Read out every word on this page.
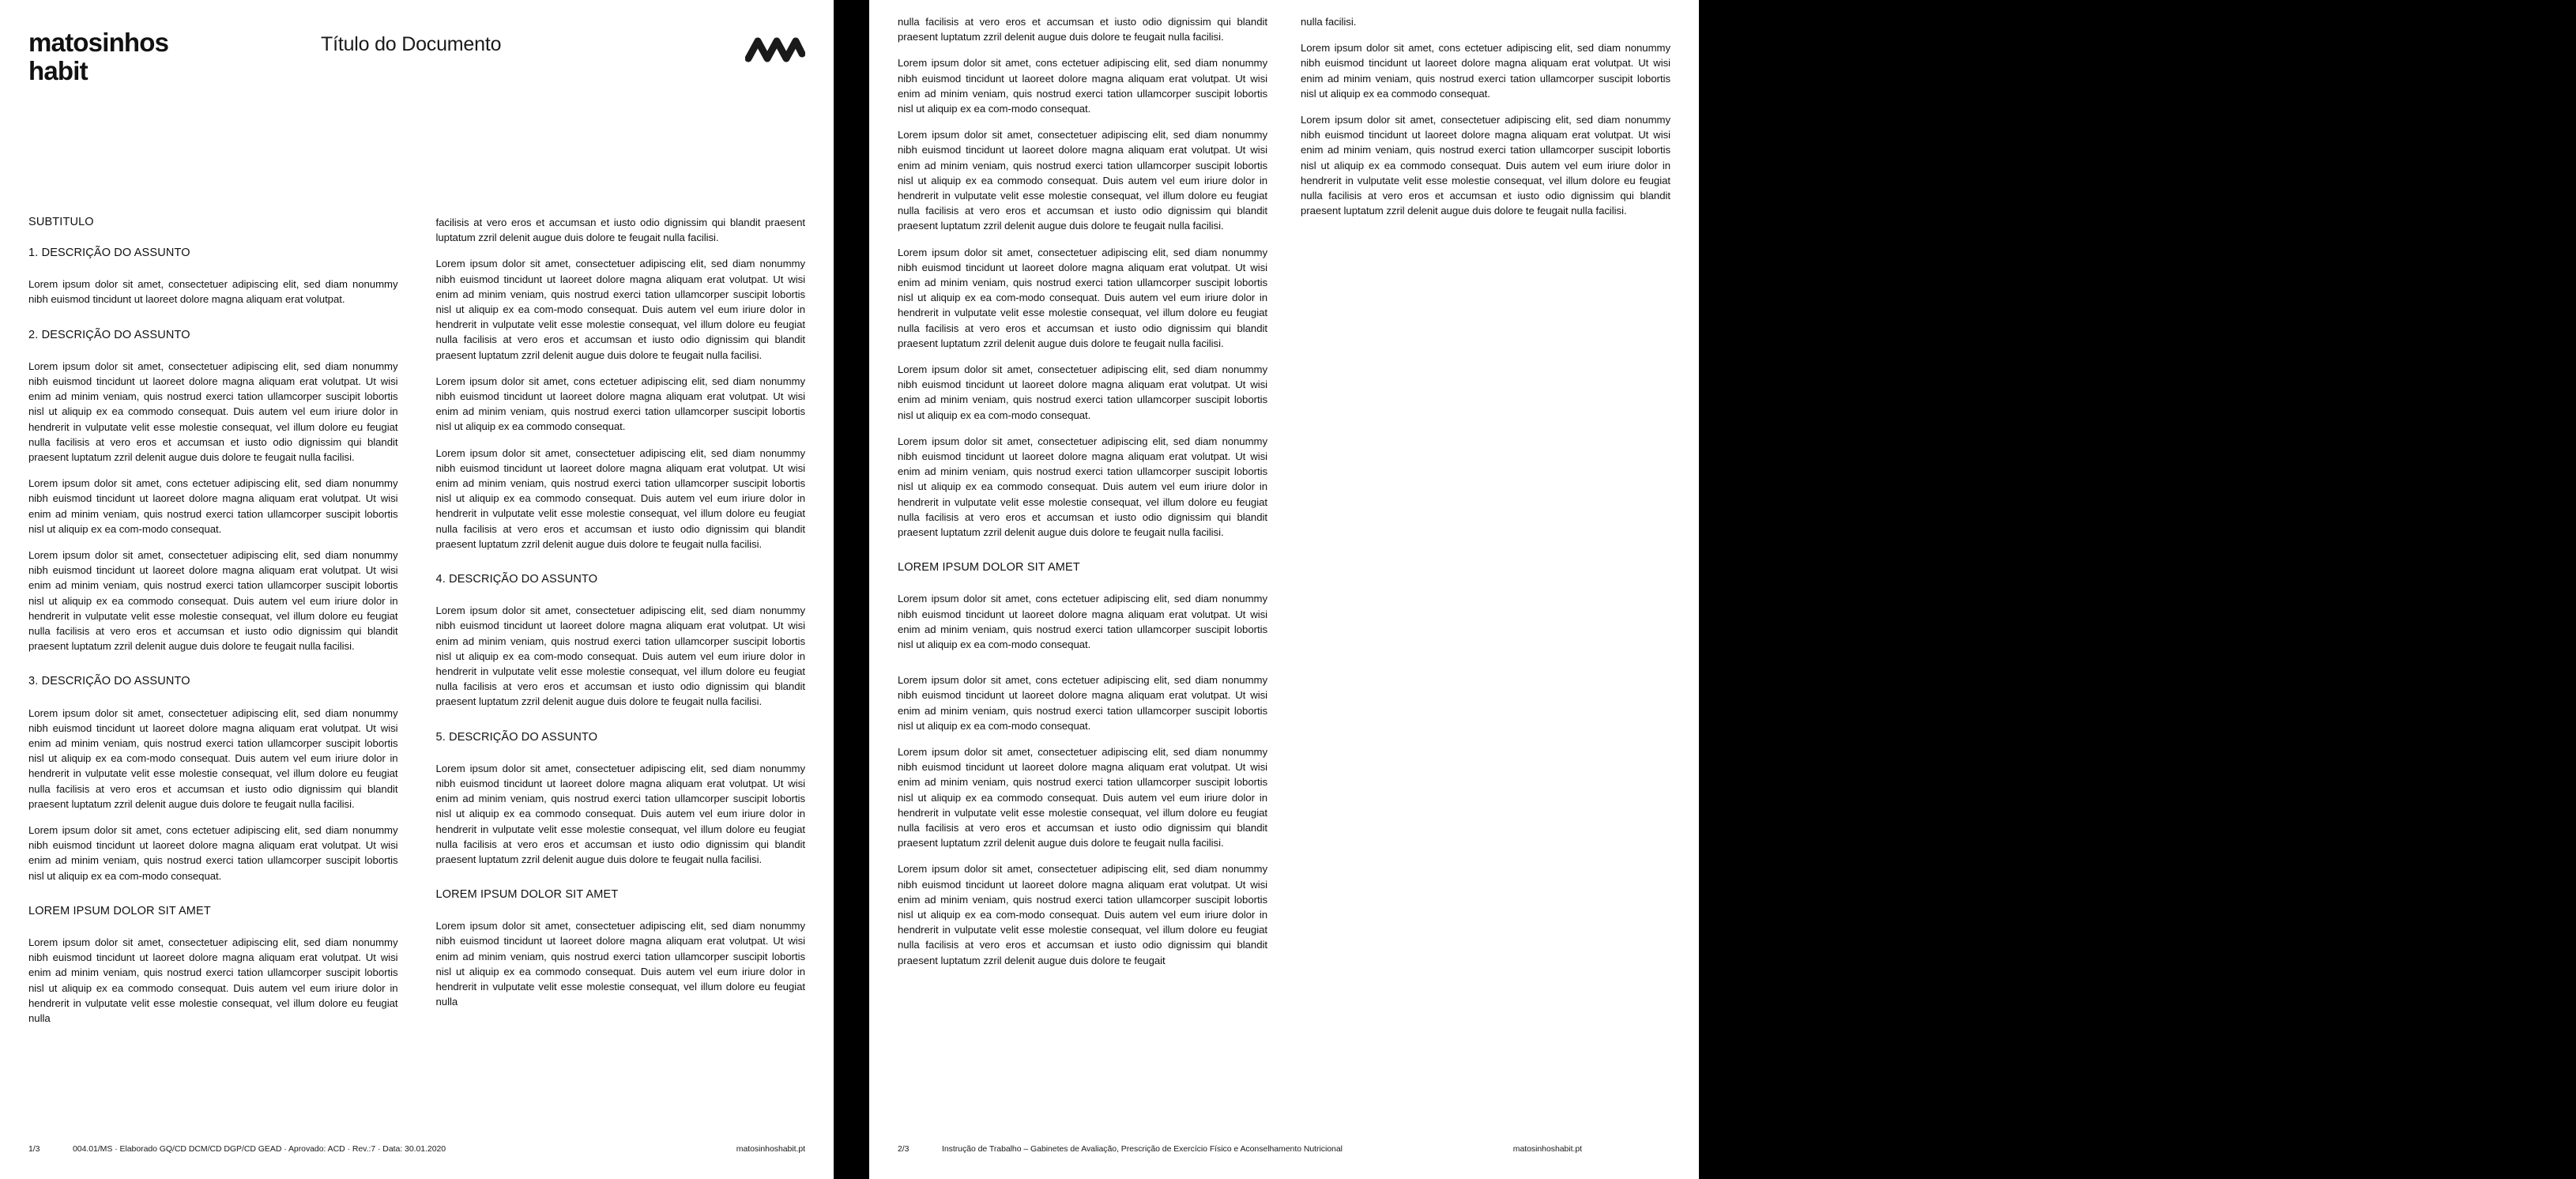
matosinhos
habit
Título do Documento
SUBTITULO
1. DESCRIÇÃO DO ASSUNTO

Lorem ipsum dolor sit amet, consectetuer adipiscing elit, sed diam nonummy nibh euismod tincidunt ut laoreet dolore magna aliquam erat volutpat.

2. DESCRIÇÃO DO ASSUNTO

Lorem ipsum dolor sit amet, consectetuer adipiscing elit, sed diam nonummy nibh euismod tincidunt ut laoreet dolore magna aliquam erat volutpat. Ut wisi enim ad minim veniam, quis nostrud exerci tation ullamcorper suscipit lobortis nisl ut aliquip ex ea commodo consequat. Duis autem vel eum iriure dolor in hendrerit in vulputate velit esse molestie consequat, vel illum dolore eu feugiat nulla facilisis at vero eros et accumsan et iusto odio dignissim qui blandit praesent luptatum zzril delenit augue duis dolore te feugait nulla facilisi.

Lorem ipsum dolor sit amet, cons ectetuer adipiscing elit, sed diam nonummy nibh euismod tincidunt ut laoreet dolore magna aliquam erat volutpat. Ut wisi enim ad minim veniam, quis nostrud exerci tation ullamcorper suscipit lobortis nisl ut aliquip ex ea com-modo consequat.

Lorem ipsum dolor sit amet, consectetuer adipiscing elit, sed diam nonummy nibh euismod tincidunt ut laoreet dolore magna aliquam erat volutpat. Ut wisi enim ad minim veniam, quis nostrud exerci tation ullamcorper suscipit lobortis nisl ut aliquip ex ea commodo consequat. Duis autem vel eum iriure dolor in hendrerit in vulputate velit esse molestie consequat, vel illum dolore eu feugiat nulla facilisis at vero eros et accumsan et iusto odio dignissim qui blandit praesent luptatum zzril delenit augue duis dolore te feugait nulla facilisi.

3. DESCRIÇÃO DO ASSUNTO

Lorem ipsum dolor sit amet, consectetuer adipiscing elit, sed diam nonummy nibh euismod tincidunt ut laoreet dolore magna aliquam erat volutpat. Ut wisi enim ad minim veniam, quis nostrud exerci tation ullamcorper suscipit lobortis nisl ut aliquip ex ea com-modo consequat. Duis autem vel eum iriure dolor in hendrerit in vulputate velit esse molestie consequat, vel illum dolore eu feugiat nulla facilisis at vero eros et accumsan et iusto odio dignissim qui blandit praesent luptatum zzril delenit augue duis dolore te feugait nulla facilisi.

Lorem ipsum dolor sit amet, cons ectetuer adipiscing elit, sed diam nonummy nibh euismod tincidunt ut laoreet dolore magna aliquam erat volutpat. Ut wisi enim ad minim veniam, quis nostrud exerci tation ullamcorper suscipit lobortis nisl ut aliquip ex ea com-modo consequat.

LOREM IPSUM DOLOR SIT AMET

Lorem ipsum dolor sit amet, consectetuer adipiscing elit, sed diam nonummy nibh euismod tincidunt ut laoreet dolore magna aliquam erat volutpat. Ut wisi enim ad minim veniam, quis nostrud exerci tation ullamcorper suscipit lobortis nisl ut aliquip ex ea commodo consequat. Duis autem vel eum iriure dolor in hendrerit in vulputate velit esse molestie consequat, vel illum dolore eu feugiat nulla

facilisis at vero eros et accumsan et iusto odio dignissim qui blandit praesent luptatum zzril delenit augue duis dolore te feugait nulla facilisi.

Lorem ipsum dolor sit amet, consectetuer adipiscing elit, sed diam nonummy nibh euismod tincidunt ut laoreet dolore magna aliquam erat volutpat. Ut wisi enim ad minim veniam, quis nostrud exerci tation ullamcorper suscipit lobortis nisl ut aliquip ex ea com-modo consequat. Duis autem vel eum iriure dolor in hendrerit in vulputate velit esse molestie consequat, vel illum dolore eu feugiat nulla facilisis at vero eros et accumsan et iusto odio dignissim qui blandit praesent luptatum zzril delenit augue duis dolore te feugait nulla facilisi.

Lorem ipsum dolor sit amet, cons ectetuer adipiscing elit, sed diam nonummy nibh euismod tincidunt ut laoreet dolore magna aliquam erat volutpat. Ut wisi enim ad minim veniam, quis nostrud exerci tation ullamcorper suscipit lobortis nisl ut aliquip ex ea commodo consequat.

Lorem ipsum dolor sit amet, consectetuer adipiscing elit, sed diam nonummy nibh euismod tincidunt ut laoreet dolore magna aliquam erat volutpat. Ut wisi enim ad minim veniam, quis nostrud exerci tation ullamcorper suscipit lobortis nisl ut aliquip ex ea commodo consequat. Duis autem vel eum iriure dolor in hendrerit in vulputate velit esse molestie consequat, vel illum dolore eu feugiat nulla facilisis at vero eros et accumsan et iusto odio dignissim qui blandit praesent luptatum zzril delenit augue duis dolore te feugait nulla facilisi.

4. DESCRIÇÃO DO ASSUNTO

Lorem ipsum dolor sit amet, consectetuer adipiscing elit, sed diam nonummy nibh euismod tincidunt ut laoreet dolore magna aliquam erat volutpat. Ut wisi enim ad minim veniam, quis nostrud exerci tation ullamcorper suscipit lobortis nisl ut aliquip ex ea com-modo consequat. Duis autem vel eum iriure dolor in hendrerit in vulputate velit esse molestie consequat, vel illum dolore eu feugiat nulla facilisis at vero eros et accumsan et iusto odio dignissim qui blandit praesent luptatum zzril delenit augue duis dolore te feugait nulla facilisi.

5. DESCRIÇÃO DO ASSUNTO

Lorem ipsum dolor sit amet, consectetuer adipiscing elit, sed diam nonummy nibh euismod tincidunt ut laoreet dolore magna aliquam erat volutpat. Ut wisi enim ad minim veniam, quis nostrud exerci tation ullamcorper suscipit lobortis nisl ut aliquip ex ea commodo consequat. Duis autem vel eum iriure dolor in hendrerit in vulputate velit esse molestie consequat, vel illum dolore eu feugiat nulla facilisis at vero eros et accumsan et iusto odio dignissim qui blandit praesent luptatum zzril delenit augue duis dolore te feugait nulla facilisi.

LOREM IPSUM DOLOR SIT AMET

Lorem ipsum dolor sit amet, consectetuer adipiscing elit, sed diam nonummy nibh euismod tincidunt ut laoreet dolore magna aliquam erat volutpat. Ut wisi enim ad minim veniam, quis nostrud exerci tation ullamcorper suscipit lobortis nisl ut aliquip ex ea commodo consequat. Duis autem vel eum iriure dolor in hendrerit in vulputate velit esse molestie consequat, vel illum dolore eu feugiat nulla

1/3	004.01/MS · Elaborado GQ/CD DCM/CD DGP/CD GEAD · Aprovado: ACD · Rev.:7 · Data: 30.01.2020	matosinhoshabit.pt

nulla facilisis at vero eros et accumsan et iusto odio dignissim qui blandit praesent luptatum zzril delenit augue duis dolore te feugait nulla facilisi.

Lorem ipsum dolor sit amet, cons ectetuer adipiscing elit, sed diam nonummy nibh euismod tincidunt ut laoreet dolore magna aliquam erat volutpat. Ut wisi enim ad minim veniam, quis nostrud exerci tation ullamcorper suscipit lobortis nisl ut aliquip ex ea com-modo consequat.

Lorem ipsum dolor sit amet, consectetuer adipiscing elit, sed diam nonummy nibh euismod tincidunt ut laoreet dolore magna aliquam erat volutpat. Ut wisi enim ad minim veniam, quis nostrud exerci tation ullamcorper suscipit lobortis nisl ut aliquip ex ea commodo consequat. Duis autem vel eum iriure dolor in hendrerit in vulputate velit esse molestie consequat, vel illum dolore eu feugiat nulla facilisis at vero eros et accumsan et iusto odio dignissim qui blandit praesent luptatum zzril delenit augue duis dolore te feugait nulla facilisi.

Lorem ipsum dolor sit amet, consectetuer adipiscing elit, sed diam nonummy nibh euismod tincidunt ut laoreet dolore magna aliquam erat volutpat. Ut wisi enim ad minim veniam, quis nostrud exerci tation ullamcorper suscipit lobortis nisl ut aliquip ex ea com-modo consequat. Duis autem vel eum iriure dolor in hendrerit in vulputate velit esse molestie consequat, vel illum dolore eu feugiat nulla facilisis at vero eros et accumsan et iusto odio dignissim qui blandit praesent luptatum zzril delenit augue duis dolore te feugait nulla facilisi.

Lorem ipsum dolor sit amet, consectetuer adipiscing elit, sed diam nonummy nibh euismod tincidunt ut laoreet dolore magna aliquam erat volutpat. Ut wisi enim ad minim veniam, quis nostrud exerci tation ullamcorper suscipit lobortis nisl ut aliquip ex ea com-modo consequat.

Lorem ipsum dolor sit amet, consectetuer adipiscing elit, sed diam nonummy nibh euismod tincidunt ut laoreet dolore magna aliquam erat volutpat. Ut wisi enim ad minim veniam, quis nostrud exerci tation ullamcorper suscipit lobortis nisl ut aliquip ex ea commodo consequat. Duis autem vel eum iriure dolor in hendrerit in vulputate velit esse molestie consequat, vel illum dolore eu feugiat nulla facilisis at vero eros et accumsan et iusto odio dignissim qui blandit praesent luptatum zzril delenit augue duis dolore te feugait nulla facilisi.

LOREM IPSUM DOLOR SIT AMET

Lorem ipsum dolor sit amet, cons ectetuer adipiscing elit, sed diam nonummy nibh euismod tincidunt ut laoreet dolore magna aliquam erat volutpat. Ut wisi enim ad minim veniam, quis nostrud exerci tation ullamcorper suscipit lobortis nisl ut aliquip ex ea com-modo consequat.

Lorem ipsum dolor sit amet, cons ectetuer adipiscing elit, sed diam nonummy nibh euismod tincidunt ut laoreet dolore magna aliquam erat volutpat. Ut wisi enim ad minim veniam, quis nostrud exerci tation ullamcorper suscipit lobortis nisl ut aliquip ex ea com-modo consequat.

Lorem ipsum dolor sit amet, consectetuer adipiscing elit, sed diam nonummy nibh euismod tincidunt ut laoreet dolore magna aliquam erat volutpat. Ut wisi enim ad minim veniam, quis nostrud exerci tation ullamcorper suscipit lobortis nisl ut aliquip ex ea commodo consequat. Duis autem vel eum iriure dolor in hendrerit in vulputate velit esse molestie consequat, vel illum dolore eu feugiat nulla facilisis at vero eros et accumsan et iusto odio dignissim qui blandit praesent luptatum zzril delenit augue duis dolore te feugait nulla facilisi.

Lorem ipsum dolor sit amet, consectetuer adipiscing elit, sed diam nonummy nibh euismod tincidunt ut laoreet dolore magna aliquam erat volutpat. Ut wisi enim ad minim veniam, quis nostrud exerci tation ullamcorper suscipit lobortis nisl ut aliquip ex ea com-modo consequat. Duis autem vel eum iriure dolor in hendrerit in vulputate velit esse molestie consequat, vel illum dolore eu feugiat nulla facilisis at vero eros et accumsan et iusto odio dignissim qui blandit praesent luptatum zzril delenit augue duis dolore te feugait

nulla facilisi.

Lorem ipsum dolor sit amet, cons ectetuer adipiscing elit, sed diam nonummy nibh euismod tincidunt ut laoreet dolore magna aliquam erat volutpat. Ut wisi enim ad minim veniam, quis nostrud exerci tation ullamcorper suscipit lobortis nisl ut aliquip ex ea commodo consequat.

Lorem ipsum dolor sit amet, consectetuer adipiscing elit, sed diam nonummy nibh euismod tincidunt ut laoreet dolore magna aliquam erat volutpat. Ut wisi enim ad minim veniam, quis nostrud exerci tation ullamcorper suscipit lobortis nisl ut aliquip ex ea commodo consequat. Duis autem vel eum iriure dolor in hendrerit in vulputate velit esse molestie consequat, vel illum dolore eu feugiat nulla facilisis at vero eros et accumsan et iusto odio dignissim qui blandit praesent luptatum zzril delenit augue duis dolore te feugait nulla facilisi.

2/3	Instrução de Trabalho – Gabinetes de Avaliação, Prescrição de Exercício Físico e Aconselhamento Nutricional	matosinhoshabit.pt
